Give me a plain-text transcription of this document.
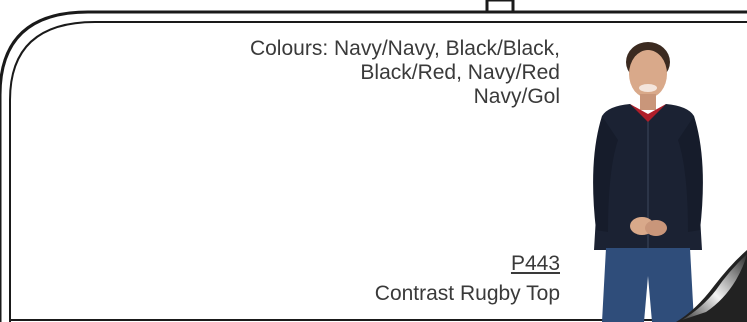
Colours: Navy/Navy, Black/Black,
Black/Red, Navy/Red
Navy/Gol
P443
Contrast Rugby Top
